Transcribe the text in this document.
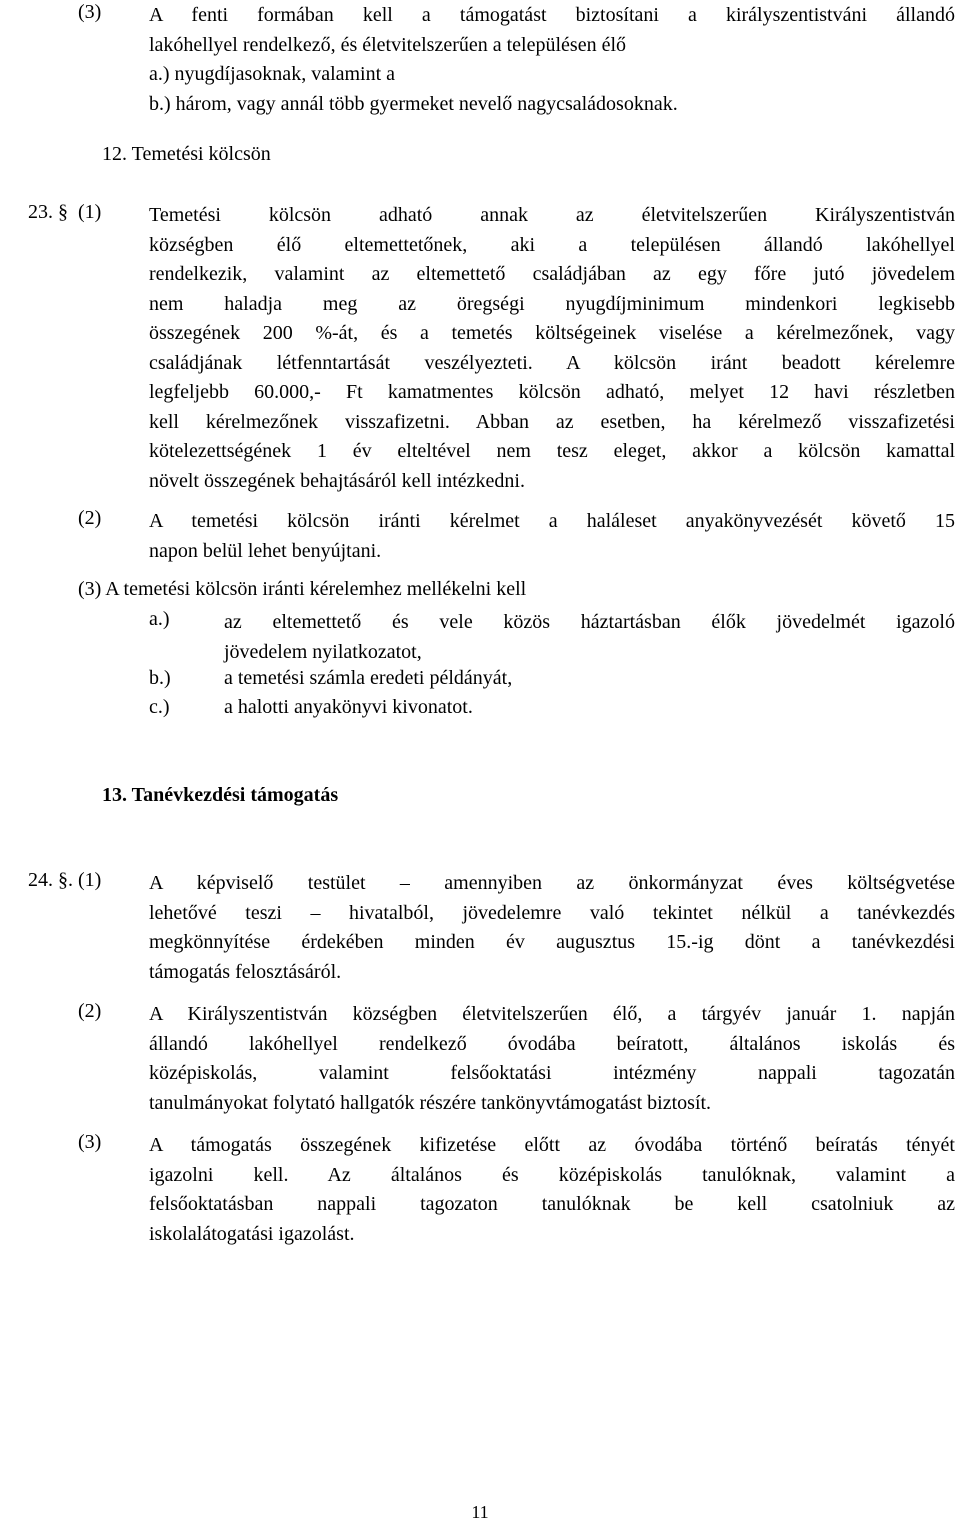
(3) A fenti formában kell a támogatást biztosítani a királyszentistváni állandó
lakóhellyel rendelkező, és életvitelszerűen a településen élő
a.) nyugdíjasoknak, valamint a
b.) három, vagy annál több gyermeket nevelő nagycsaládosoknak.
12. Temetési kölcsön
23. § (1) Temetési kölcsön adható annak az életvitelszerűen Királyszentistván
községben élő eltemettetőnek, aki a településen állandó lakóhellyel
rendelkezik, valamint az eltemettető családjában az egy főre jutó jövedelem
nem haladja meg az öregségi nyugdíjminimum mindenkori legkisebb
összegének 200 %-át, és a temetés költségeinek viselése a kérelmezőnek, vagy
családjának létfenntartását veszélyezteti. A kölcsön iránt beadott kérelemre
legfeljebb 60.000,- Ft kamatmentes kölcsön adható, melyet 12 havi részletben
kell kérelmezőnek visszafizetni. Abban az esetben, ha kérelmező visszafizetési
kötelezettségének 1 év elteltével nem tesz eleget, akkor a kölcsön kamattal
növelt összegének behajtásáról kell intézkedni.
(2) A temetési kölcsön iránti kérelmet a haláleset anyakönyvezését követő 15
napon belül lehet benyújtani.
(3) A temetési kölcsön iránti kérelemhez mellékelni kell
a.)	az eltemettető és vele közös háztartásban élők jövedelmét igazoló
jövedelem nyilatkozatot,
b.)	a temetési számla eredeti példányát,
c.)	a halotti anyakönyvi kivonatot.
13. Tanévkezdési támogatás
24. §. (1) A képviselő testület – amennyiben az önkormányzat éves költségvetése
lehetővé teszi – hivatalból, jövedelemre való tekintet nélkül a tanévkezdés
megkönnyítése érdekében minden év augusztus 15.-ig dönt a tanévkezdési
támogatás felosztásáról.
(2) A Királyszentistván községben életvitelszerűen élő, a tárgyév január 1. napján
állandó lakóhellyel rendelkező óvodába beíratott, általános iskolás és
középiskolás, valamint felsőoktatási intézmény nappali tagozatán
tanulmányokat folytató hallgatók részére tankönyvtámogatást biztosít.
(3) A támogatás összegének kifizetése előtt az óvodába történő beíratás tényét
igazolni kell. Az általános és középiskolás tanulóknak, valamint a
felsőoktatásban nappali tagozaton tanulóknak be kell csatolniuk az
iskolalátogatási igazolást.
11
